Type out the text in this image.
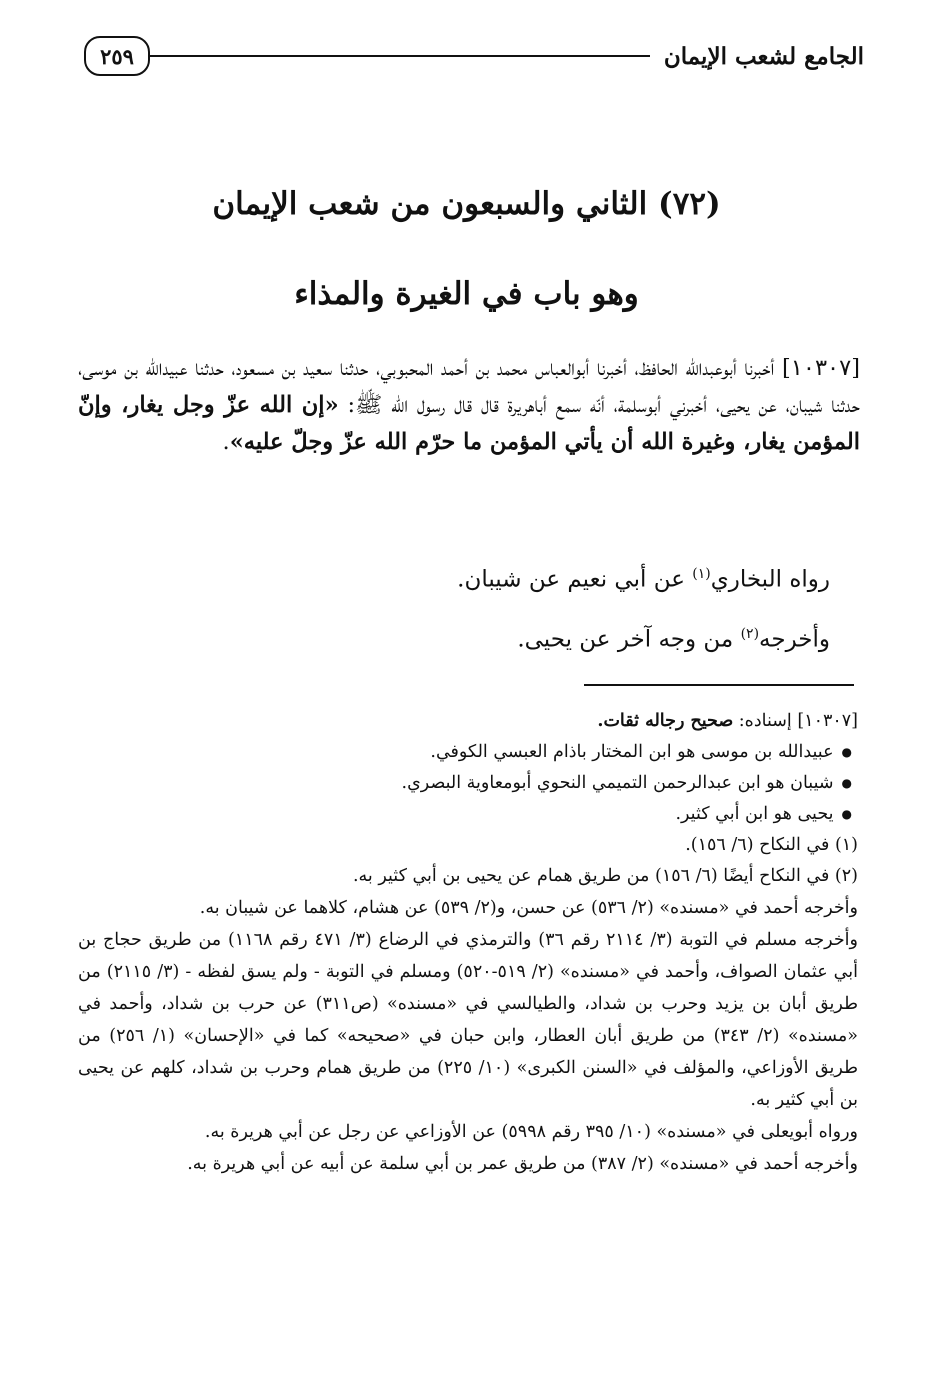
الجامع لشعب الإيمان
٢٥٩
(٧٢) الثاني والسبعون من شعب الإيمان
وهو باب في الغيرة والمذاء
[١٠٣٠٧] أخبرنا أبوعبدالله الحافظ، أخبرنا أبوالعباس محمد بن أحمد المحبوبي، حدثنا سعيد بن مسعود، حدثنا عبيدالله بن موسى، حدثنا شيبان، عن يحيى، أخبرني أبوسلمة، أنّه سمع أباهريرة قال قال رسول الله ﷺ: «إن الله عزّ وجل يغار، وإنّ المؤمن يغار، وغيرة الله أن يأتي المؤمن ما حرّم الله عزّ وجلّ عليه».
رواه البخاري$^{(١)}$ عن أبي نعيم عن شيبان.
وأخرجه$^{(٢)}$ من وجه آخر عن يحيى.
[١٠٣٠٧] إسناده: صحيح رجاله ثقات.
● عبيدالله بن موسى هو ابن المختار باذام العبسي الكوفي.
● شيبان هو ابن عبدالرحمن التميمي النحوي أبومعاوية البصري.
● يحيى هو ابن أبي كثير.
(١) في النكاح (٦/ ١٥٦).
(٢) في النكاح أيضًا (٦/ ١٥٦) من طريق همام عن يحيى بن أبي كثير به.
وأخرجه أحمد في «مسنده» (٢/ ٥٣٦) عن حسن، و(٢/ ٥٣٩) عن هشام، كلاهما عن شيبان به.
وأخرجه مسلم في التوبة (٣/ ٢١١٤ رقم ٣٦) والترمذي في الرضاع (٣/ ٤٧١ رقم ١١٦٨) من طريق حجاج بن أبي عثمان الصواف، وأحمد في «مسنده» (٢/ ٥١٩-٥٢٠) ومسلم في التوبة - ولم يسق لفظه - (٣/ ٢١١٥) من طريق أبان بن يزيد وحرب بن شداد، والطيالسي في «مسنده» (ص٣١١) عن حرب بن شداد، وأحمد في «مسنده» (٢/ ٣٤٣) من طريق أبان العطار، وابن حبان في «صحيحه» كما في «الإحسان» (١/ ٢٥٦) من طريق الأوزاعي، والمؤلف في «السنن الكبرى» (١٠/ ٢٢٥) من طريق همام وحرب بن شداد، كلهم عن يحيى بن أبي كثير به.
ورواه أبويعلى في «مسنده» (١٠/ ٣٩٥ رقم ٥٩٩٨) عن الأوزاعي عن رجل عن أبي هريرة به.
وأخرجه أحمد في «مسنده» (٢/ ٣٨٧) من طريق عمر بن أبي سلمة عن أبيه عن أبي هريرة به.
